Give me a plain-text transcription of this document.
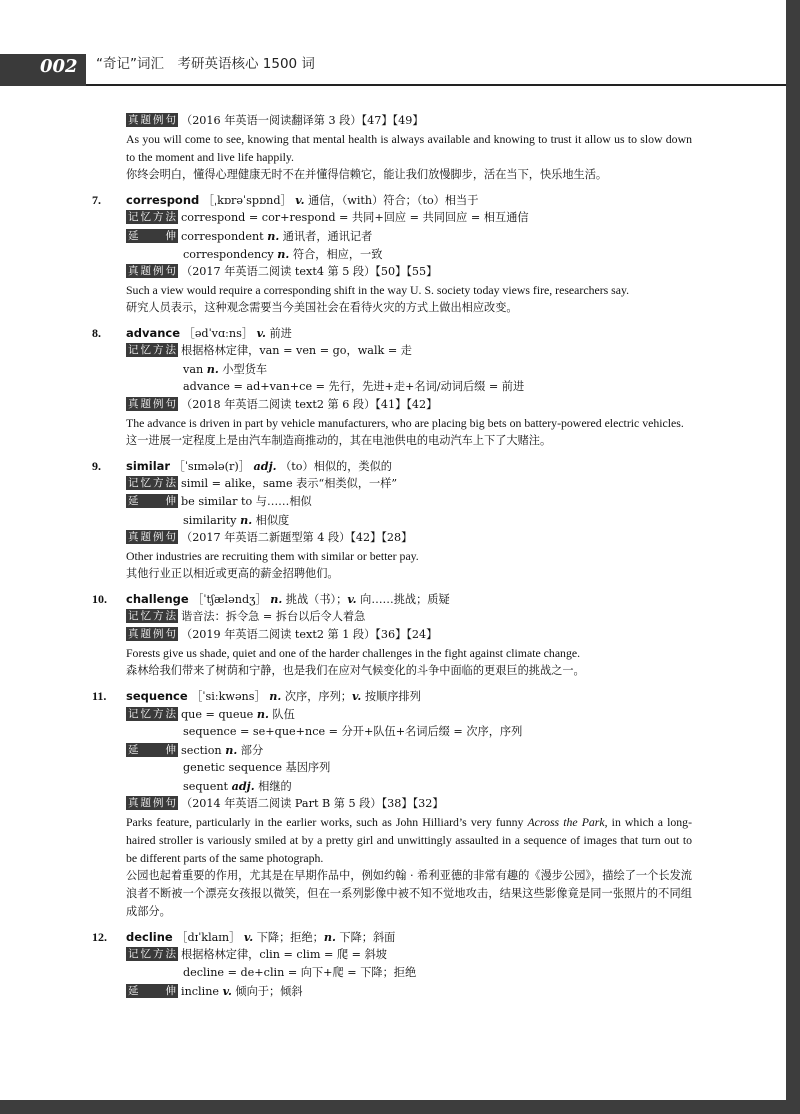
002 “奇记”词汇　考研英语核心 1500 词
真题例句 （2016 年英语一阅读翻译第 3 段）【47】【49】
As you will come to see, knowing that mental health is always available and knowing to trust it allow us to slow down to the moment and live life happily.
你终会明白，懂得心理健康无时不在并懂得信赖它，能让我们放慢脚步，活在当下，快乐地生活。
7. correspond ［ˌkɒrəˈspɒnd］ v. 通信，（with）符合；（to）相当于
记忆方法 correspond = cor+respond = 共同+回应 = 共同回应 = 相互通信
延　伸 correspondent n. 通讯者，通讯记者
correspondency n. 符合，相应，一致
真题例句 （2017 年英语二阅读 text4 第 5 段）【50】【55】
Such a view would require a corresponding shift in the way U. S. society today views fire, researchers say.
研究人员表示，这种观念需要当今美国社会在看待火灾的方式上做出相应改变。
8. advance ［ədˈvɑːns］ v. 前进
记忆方法 根据格林定律，van = ven = go，walk = 走
van n. 小型货车
advance = ad+van+ce = 先行，先进+走+名词/动词后缀 = 前进
真题例句 （2018 年英语二阅读 text2 第 6 段）【41】【42】
The advance is driven in part by vehicle manufacturers, who are placing big bets on battery-powered electric vehicles.
这一进展一定程度上是由汽车制造商推动的，其在电池供电的电动汽车上下了大赌注。
9. similar ［ˈsɪmələ(r)］ adj. （to）相似的，类似的
记忆方法 simil = alike，same 表示“相类似，一样”
延　伸 be similar to 与……相似
similarity n. 相似度
真题例句 （2017 年英语二新题型第 4 段）【42】【28】
Other industries are recruiting them with similar or better pay.
其他行业正以相近或更高的薪金招聘他们。
10. challenge ［ˈtʃæləndʒ］ n. 挑战（书）；v. 向……挑战；质疑
记忆方法 谐音法：拆令急 = 拆台以后令人着急
真题例句 （2019 年英语二阅读 text2 第 1 段）【36】【24】
Forests give us shade, quiet and one of the harder challenges in the fight against climate change.
森林给我们带来了树荫和宁静，也是我们在应对气候变化的斗争中面临的更艰巨的挑战之一。
11. sequence ［ˈsiːkwəns］ n. 次序，序列；v. 按顺序排列
记忆方法 que = queue n. 队伍
sequence = se+que+nce = 分开+队伍+名词后缀 = 次序，序列
延　伸 section n. 部分
genetic sequence 基因序列
sequent adj. 相继的
真题例句 （2014 年英语二阅读 Part B 第 5 段）【38】【32】
Parks feature, particularly in the earlier works, such as John Hilliard’s very funny Across the Park, in which a long-haired stroller is variously smiled at by a pretty girl and unwittingly assaulted in a sequence of images that turn out to be different parts of the same photograph.
公园也起着重要的作用，尤其是在早期作品中，例如约翰 · 希利亚德的非常有趣的《漫步公园》，描绘了一个长发流浪者不断被一个漂亮女孩报以微笑，但在一系列影像中被不知不觉地攻击，结果这些影像竟是同一张照片的不同组成部分。
12. decline ［dɪˈklaɪn］ v. 下降；拒绝；n. 下降；斜面
记忆方法 根据格林定律，clin = clim = 爬 = 斜坡
decline = de+clin = 向下+爬 = 下降；拒绝
延　伸 incline v. 倾向于；倾斜
